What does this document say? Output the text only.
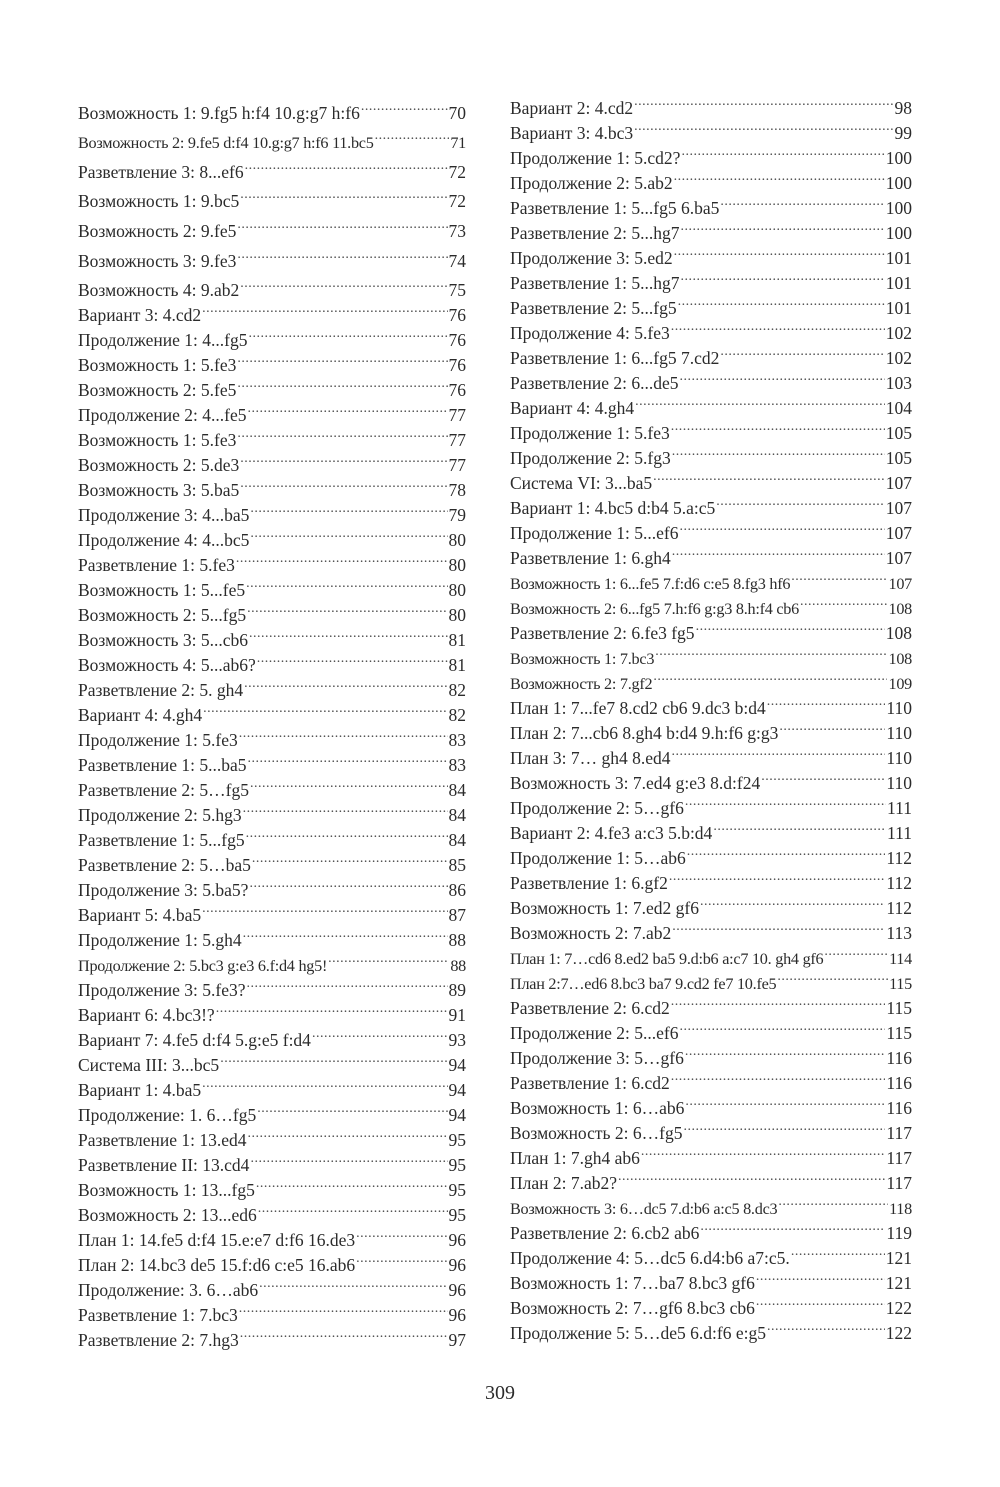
Возможность 1: 9.fg5 h:f4 10.g:g7 h:f6 .....	70
Возможность 2: 9.fe5 d:f4 10.g:g7 h:f6 11.bc5 .....	71
Разветвление 3: 8...ef6 .....	72
Возможность 1: 9.bc5 .....	72
Возможность 2: 9.fe5 .....	73
Возможность 3: 9.fe3 .....	74
Возможность 4: 9.ab2 .....	75
Вариант 3: 4.cd2 .....	76
Продолжение 1: 4...fg5 .....	76
Возможность 1: 5.fe3 .....	76
Возможность 2: 5.fe5 .....	76
Продолжение 2: 4...fe5 .....	77
Возможность 1: 5.fe3 .....	77
Возможность 2: 5.de3 .....	77
Возможность 3: 5.ba5 .....	78
Продолжение 3: 4...ba5 .....	79
Продолжение 4: 4...bc5 .....	80
Разветвление 1: 5.fe3 .....	80
Возможность 1: 5...fe5 .....	80
Возможность 2: 5...fg5 .....	80
Возможность 3: 5...cb6 .....	81
Возможность 4: 5...ab6? .....	81
Разветвление 2: 5. gh4 .....	82
Вариант 4: 4.gh4 .....	82
Продолжение 1: 5.fe3 .....	83
Разветвление 1: 5...ba5 .....	83
Разветвление 2: 5…fg5 .....	84
Продолжение 2: 5.hg3 .....	84
Разветвление 1: 5...fg5 .....	84
Разветвление 2: 5…ba5 .....	85
Продолжение 3: 5.ba5? .....	86
Вариант 5: 4.ba5 .....	87
Продолжение 1: 5.gh4 .....	88
Продолжение 2: 5.bc3 g:e3 6.f:d4 hg5! .....	88
Продолжение 3: 5.fe3? .....	89
Вариант 6: 4.bc3!? .....	91
Вариант 7: 4.fe5 d:f4 5.g:e5 f:d4 .....	93
Система III: 3...bc5 .....	94
Вариант 1: 4.ba5 .....	94
Продолжение: 1. 6…fg5 .....	94
Разветвление 1: 13.ed4 .....	95
Разветвление II: 13.cd4 .....	95
Возможность 1: 13...fg5 .....	95
Возможность 2: 13...ed6 .....	95
План 1: 14.fe5 d:f4 15.e:e7 d:f6 16.de3 .....	96
План 2: 14.bc3 de5 15.f:d6 c:e5 16.ab6 .....	96
Продолжение: 3. 6…ab6 .....	96
Разветвление 1: 7.bc3 .....	96
Разветвление 2: 7.hg3 .....	97
Вариант 2: 4.cd2 .....	98
Вариант 3: 4.bc3 .....	99
Продолжение 1: 5.cd2? .....	100
Продолжение 2: 5.ab2 .....	100
Разветвление 1: 5...fg5 6.ba5 .....	100
Разветвление 2: 5...hg7 .....	100
Продолжение 3: 5.ed2 .....	101
Разветвление 1: 5...hg7 .....	101
Разветвление 2: 5...fg5 .....	101
Продолжение 4: 5.fe3 .....	102
Разветвление 1: 6...fg5 7.cd2 .....	102
Разветвление 2: 6...de5 .....	103
Вариант 4: 4.gh4 .....	104
Продолжение 1: 5.fe3 .....	105
Продолжение 2: 5.fg3 .....	105
Система VI: 3...ba5 .....	107
Вариант 1: 4.bc5 d:b4 5.a:c5 .....	107
Продолжение 1: 5...ef6 .....	107
Разветвление 1: 6.gh4 .....	107
Возможность 1: 6...fe5 7.f:d6 c:e5 8.fg3 hf6 .....	107
Возможность 2: 6...fg5 7.h:f6 g:g3 8.h:f4 cb6 .....	108
Разветвление 2: 6.fe3 fg5 .....	108
Возможность 1: 7.bc3 .....	108
Возможность 2: 7.gf2 .....	109
План 1: 7...fe7 8.cd2 cb6 9.dc3 b:d4 .....	110
План 2: 7...cb6 8.gh4 b:d4 9.h:f6 g:g3 .....	110
План 3: 7… gh4 8.ed4 .....	110
Возможность 3: 7.ed4 g:e3 8.d:f24 .....	110
Продолжение 2: 5…gf6 .....	111
Вариант 2: 4.fe3 a:c3 5.b:d4 .....	111
Продолжение 1: 5…ab6 .....	112
Разветвление 1: 6.gf2 .....	112
Возможность 1: 7.ed2 gf6 .....	112
Возможность 2: 7.ab2 .....	113
План 1: 7…cd6 8.ed2 ba5 9.d:b6 a:c7 10. gh4 gf6 .....	114
План 2:7…ed6 8.bc3 ba7 9.cd2 fe7 10.fe5 .....	115
Разветвление 2: 6.cd2 .....	115
Продолжение 2: 5...ef6 .....	115
Продолжение 3: 5…gf6 .....	116
Разветвление 1: 6.cd2 .....	116
Возможность 1: 6…ab6 .....	116
Возможность 2: 6…fg5 .....	117
План 1: 7.gh4 ab6 .....	117
План 2: 7.ab2? .....	117
Возможность 3: 6…dc5 7.d:b6 a:c5 8.dc3 .....	118
Разветвление 2: 6.cb2 ab6 .....	119
Продолжение 4: 5…dc5 6.d4:b6 a7:c5. .....	121
Возможность 1: 7…ba7 8.bc3 gf6 .....	121
Возможность 2: 7…gf6 8.bc3 cb6 .....	122
Продолжение 5: 5…de5 6.d:f6 e:g5 .....	122
309
